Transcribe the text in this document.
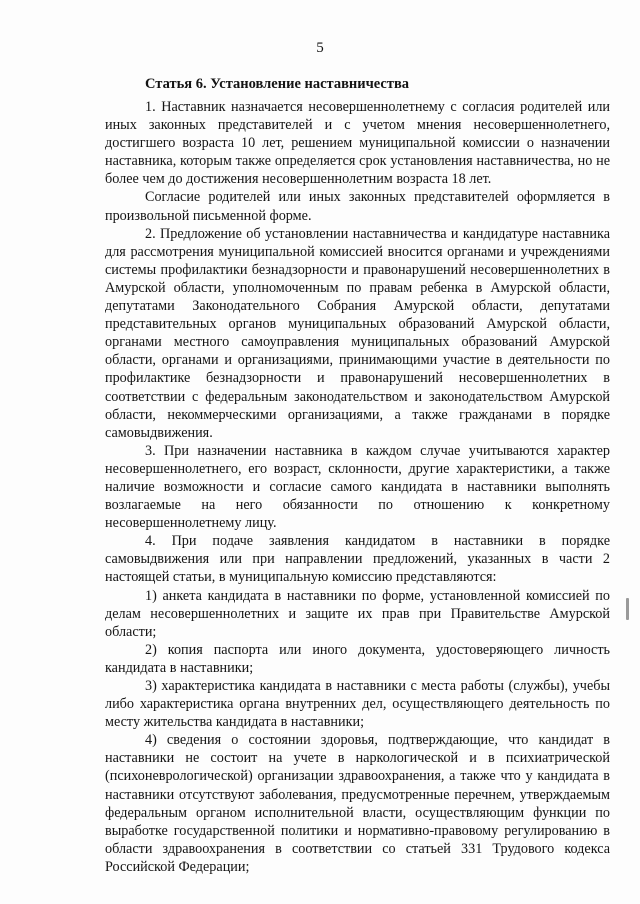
5
Статья 6. Установление наставничества

1. Наставник назначается несовершеннолетнему с согласия родителей или иных законных представителей и с учетом мнения несовершеннолетнего, достигшего возраста 10 лет, решением муниципальной комиссии о назначении наставника, которым также определяется срок установления наставничества, но не более чем до достижения несовершеннолетним возраста 18 лет.

Согласие родителей или иных законных представителей оформляется в произвольной письменной форме.

2. Предложение об установлении наставничества и кандидатуре наставника для рассмотрения муниципальной комиссией вносится органами и учреждениями системы профилактики безнадзорности и правонарушений несовершеннолетних в Амурской области, уполномоченным по правам ребенка в Амурской области, депутатами Законодательного Собрания Амурской области, депутатами представительных органов муниципальных образований Амурской области, органами местного самоуправления муниципальных образований Амурской области, органами и организациями, принимающими участие в деятельности по профилактике безнадзорности и правонарушений несовершеннолетних в соответствии с федеральным законодательством и законодательством Амурской области, некоммерческими организациями, а также гражданами в порядке самовыдвижения.

3. При назначении наставника в каждом случае учитываются характер несовершеннолетнего, его возраст, склонности, другие характеристики, а также наличие возможности и согласие самого кандидата в наставники выполнять возлагаемые на него обязанности по отношению к конкретному несовершеннолетнему лицу.

4. При подаче заявления кандидатом в наставники в порядке самовыдвижения или при направлении предложений, указанных в части 2 настоящей статьи, в муниципальную комиссию представляются:

1) анкета кандидата в наставники по форме, установленной комиссией по делам несовершеннолетних и защите их прав при Правительстве Амурской области;

2) копия паспорта или иного документа, удостоверяющего личность кандидата в наставники;

3) характеристика кандидата в наставники с места работы (службы), учебы либо характеристика органа внутренних дел, осуществляющего деятельность по месту жительства кандидата в наставники;

4) сведения о состоянии здоровья, подтверждающие, что кандидат в наставники не состоит на учете в наркологической и в психиатрической (психоневрологической) организации здравоохранения, а также что у кандидата в наставники отсутствуют заболевания, предусмотренные перечнем, утверждаемым федеральным органом исполнительной власти, осуществляющим функции по выработке государственной политики и нормативно-правовому регулированию в области здравоохранения в соответствии со статьей 331 Трудового кодекса Российской Федерации;
